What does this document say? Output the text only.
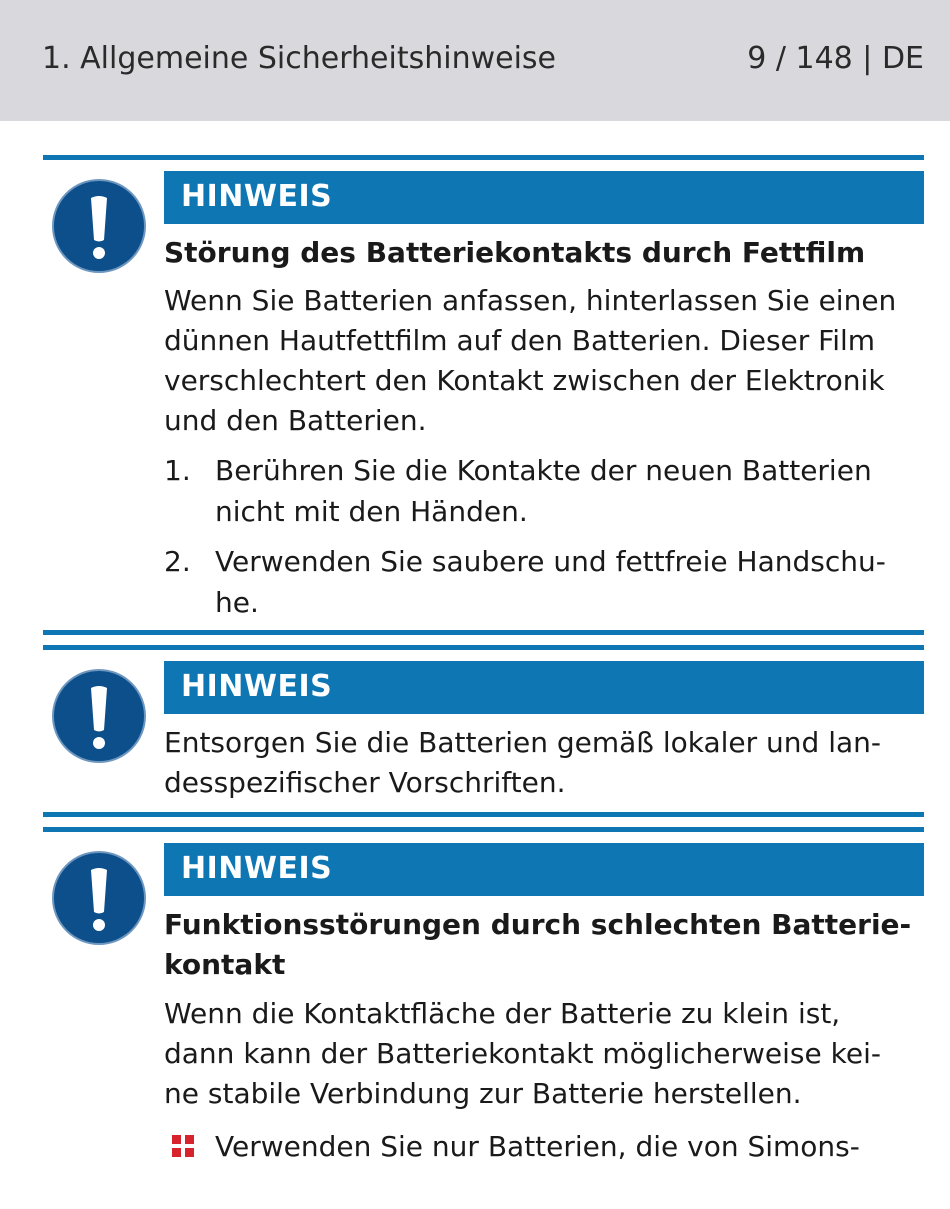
1. Allgemeine Sicherheitshinweise	9 / 148 | DE
HINWEIS
Störung des Batteriekontakts durch Fettfilm
Wenn Sie Batterien anfassen, hinterlassen Sie einen
dünnen Hautfettfilm auf den Batterien. Dieser Film
verschlechtert den Kontakt zwischen der Elektronik
und den Batterien.
1. Berühren Sie die Kontakte der neuen Batterien
nicht mit den Händen.
2. Verwenden Sie saubere und fettfreie Handschu-
he.
HINWEIS
Entsorgen Sie die Batterien gemäß lokaler und lan-
desspezifischer Vorschriften.
HINWEIS
Funktionsstörungen durch schlechten Batterie-
kontakt
Wenn die Kontaktfläche der Batterie zu klein ist,
dann kann der Batteriekontakt möglicherweise kei-
ne stabile Verbindung zur Batterie herstellen.
Verwenden Sie nur Batterien, die von Simons-
